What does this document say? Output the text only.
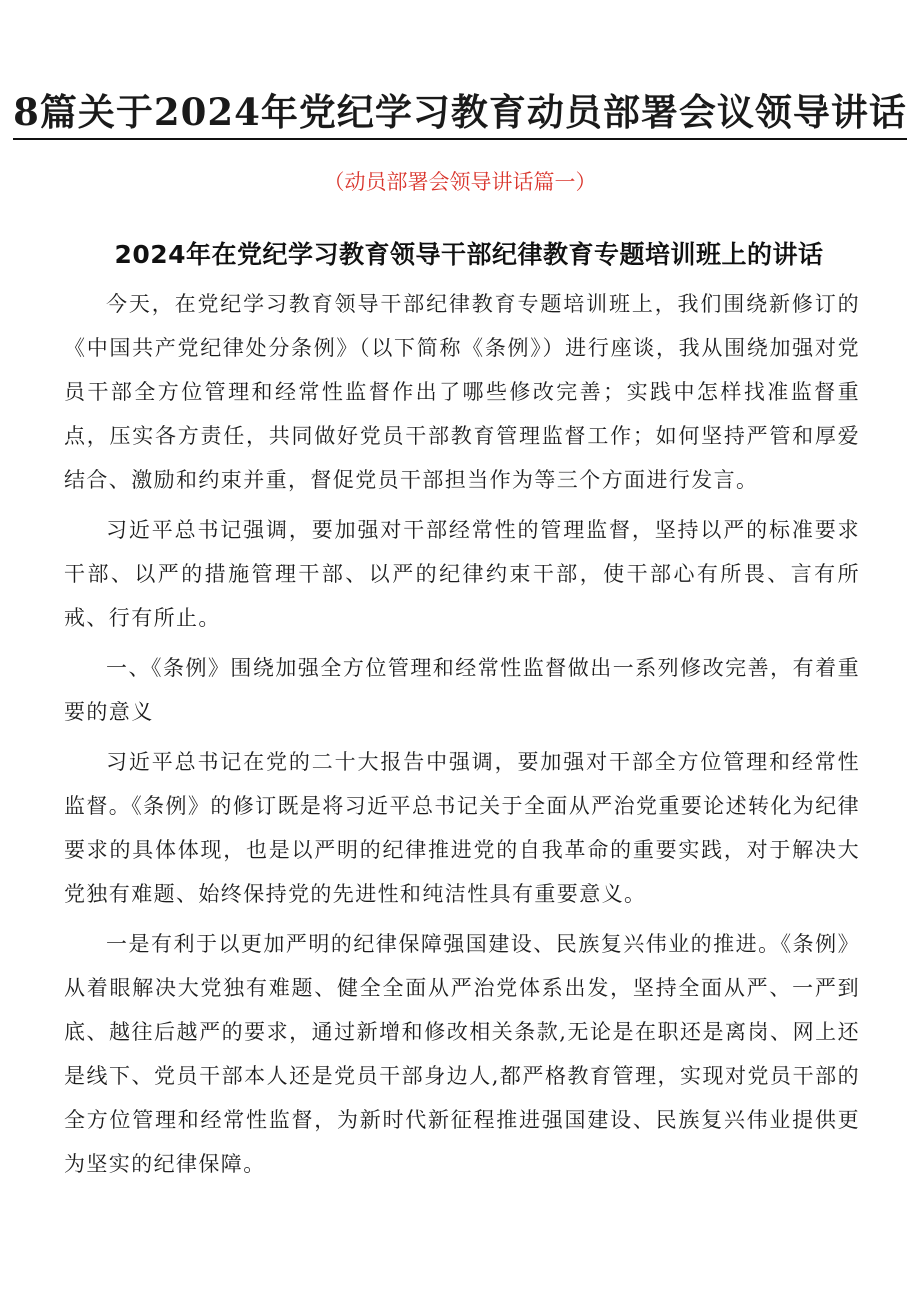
8篇关于2024年党纪学习教育动员部署会议领导讲话
（动员部署会领导讲话篇一）
2024年在党纪学习教育领导干部纪律教育专题培训班上的讲话

今天，在党纪学习教育领导干部纪律教育专题培训班上，我们围绕新修订的《中国共产党纪律处分条例》（以下简称《条例》）进行座谈，我从围绕加强对党员干部全方位管理和经常性监督作出了哪些修改完善；实践中怎样找准监督重点，压实各方责任，共同做好党员干部教育管理监督工作；如何坚持严管和厚爱结合、激励和约束并重，督促党员干部担当作为等三个方面进行发言。

习近平总书记强调，要加强对干部经常性的管理监督，坚持以严的标准要求干部、以严的措施管理干部、以严的纪律约束干部，使干部心有所畏、言有所戒、行有所止。

一、《条例》围绕加强全方位管理和经常性监督做出一系列修改完善，有着重要的意义

习近平总书记在党的二十大报告中强调，要加强对干部全方位管理和经常性监督。《条例》的修订既是将习近平总书记关于全面从严治党重要论述转化为纪律要求的具体体现，也是以严明的纪律推进党的自我革命的重要实践，对于解决大党独有难题、始终保持党的先进性和纯洁性具有重要意义。

一是有利于以更加严明的纪律保障强国建设、民族复兴伟业的推进。《条例》从着眼解决大党独有难题、健全全面从严治党体系出发，坚持全面从严、一严到底、越往后越严的要求，通过新增和修改相关条款,无论是在职还是离岗、网上还是线下、党员干部本人还是党员干部身边人,都严格教育管理，实现对党员干部的全方位管理和经常性监督，为新时代新征程推进强国建设、民族复兴伟业提供更为坚实的纪律保障。
